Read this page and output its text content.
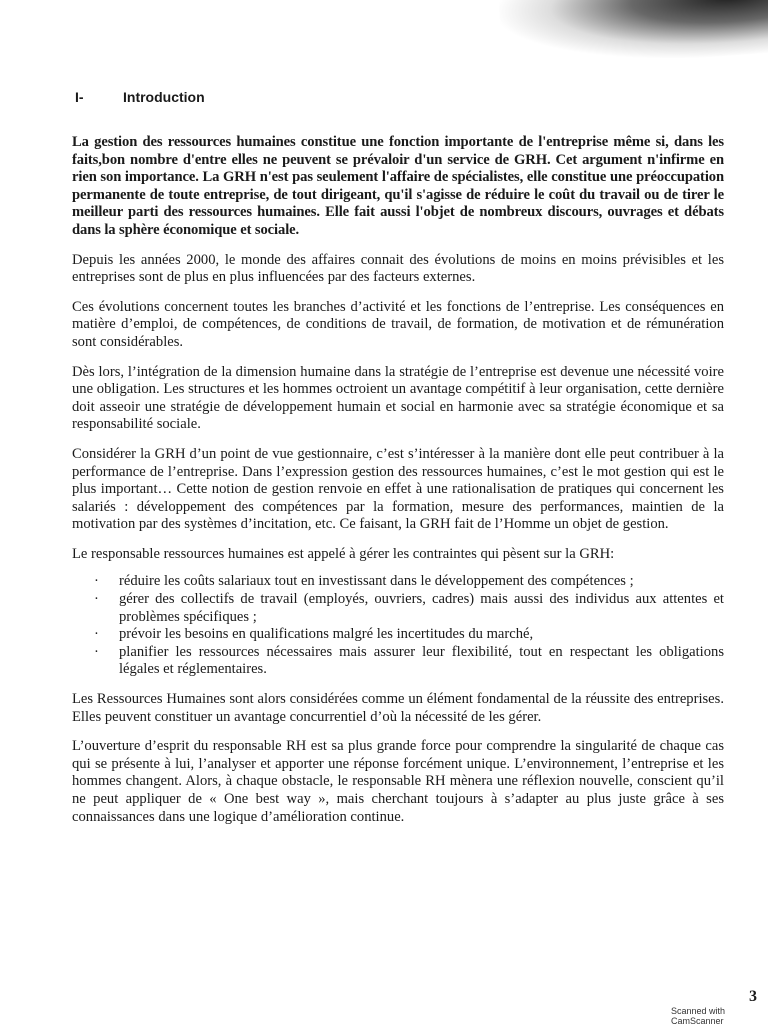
I-	Introduction

La gestion des ressources humaines constitue une fonction importante de l'entreprise même si, dans les faits,bon nombre d'entre elles ne peuvent se prévaloir d'un service de GRH. Cet argument n'infirme en rien son importance. La GRH n'est pas seulement l'affaire de spécialistes, elle constitue une préoccupation permanente de toute entreprise, de tout dirigeant, qu'il s'agisse de réduire le coût du travail ou de tirer le meilleur parti des ressources humaines. Elle fait aussi l'objet de nombreux discours, ouvrages et débats dans la sphère économique et sociale.

Depuis les années 2000, le monde des affaires connait des évolutions de moins en moins prévisibles et les entreprises sont de plus en plus influencées par des facteurs externes.

Ces évolutions concernent toutes les branches d’activité et les fonctions de l’entreprise. Les conséquences en matière d’emploi, de compétences, de conditions de travail, de formation, de motivation et de rémunération sont considérables.

Dès lors, l’intégration de la dimension humaine dans la stratégie de l’entreprise est devenue une nécessité voire une obligation. Les structures et les hommes octroient un avantage compétitif à leur organisation, cette dernière doit asseoir une stratégie de développement humain et social en harmonie avec sa stratégie économique et sa responsabilité sociale.

Considérer la GRH d’un point de vue gestionnaire, c’est s’intéresser à la manière dont elle peut contribuer à la performance de l’entreprise. Dans l’expression gestion des ressources humaines, c’est le mot gestion qui est le plus important… Cette notion de gestion renvoie en effet à une rationalisation de pratiques qui concernent les salariés : développement des compétences par la formation, mesure des performances, maintien de la motivation par des systèmes d’incitation, etc. Ce faisant, la GRH fait de l’Homme un objet de gestion.

Le responsable ressources humaines est appelé à gérer les contraintes qui pèsent sur la GRH:

· réduire les coûts salariaux tout en investissant dans le développement des compétences ;
· gérer des collectifs de travail (employés, ouvriers, cadres) mais aussi des individus aux attentes et problèmes spécifiques ;
· prévoir les besoins en qualifications malgré les incertitudes du marché,
· planifier les ressources nécessaires mais assurer leur flexibilité, tout en respectant les obligations légales et réglementaires.

Les Ressources Humaines sont alors considérées comme un élément fondamental de la réussite des entreprises. Elles peuvent constituer un avantage concurrentiel d’où la nécessité de les gérer.

L’ouverture d’esprit du responsable RH est sa plus grande force pour comprendre la singularité de chaque cas qui se présente à lui, l’analyser et apporter une réponse forcément unique. L’environnement, l’entreprise et les hommes changent. Alors, à chaque obstacle, le responsable RH mènera une réflexion nouvelle, conscient qu’il ne peut appliquer de « One best way », mais cherchant toujours à s’adapter au plus juste grâce à ses connaissances dans une logique d’amélioration continue.

3
Scanned with CamScanner
